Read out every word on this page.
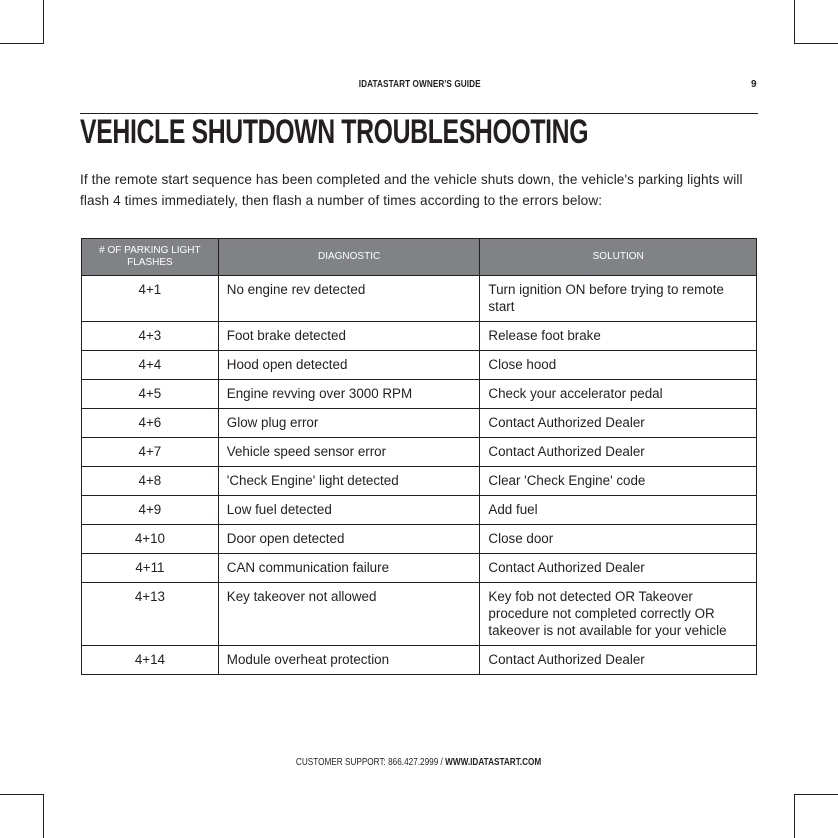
IDATASTART OWNER'S GUIDE	9
VEHICLE SHUTDOWN TROUBLESHOOTING

If the remote start sequence has been completed and the vehicle shuts down, the vehicle's parking lights will flash 4 times immediately, then flash a number of times according to the errors below:

# OF PARKING LIGHT FLASHES	DIAGNOSTIC	SOLUTION
4+1	No engine rev detected	Turn ignition ON before trying to remote start
4+3	Foot brake detected	Release foot brake
4+4	Hood open detected	Close hood
4+5	Engine revving over 3000 RPM	Check your accelerator pedal
4+6	Glow plug error	Contact Authorized Dealer
4+7	Vehicle speed sensor error	Contact Authorized Dealer
4+8	'Check Engine' light detected	Clear 'Check Engine' code
4+9	Low fuel detected	Add fuel
4+10	Door open detected	Close door
4+11	CAN communication failure	Contact Authorized Dealer
4+13	Key takeover not allowed	Key fob not detected OR Takeover procedure not completed correctly OR takeover is not available for your vehicle
4+14	Module overheat protection	Contact Authorized Dealer
CUSTOMER SUPPORT: 866.427.2999 / WWW.IDATASTART.COM
